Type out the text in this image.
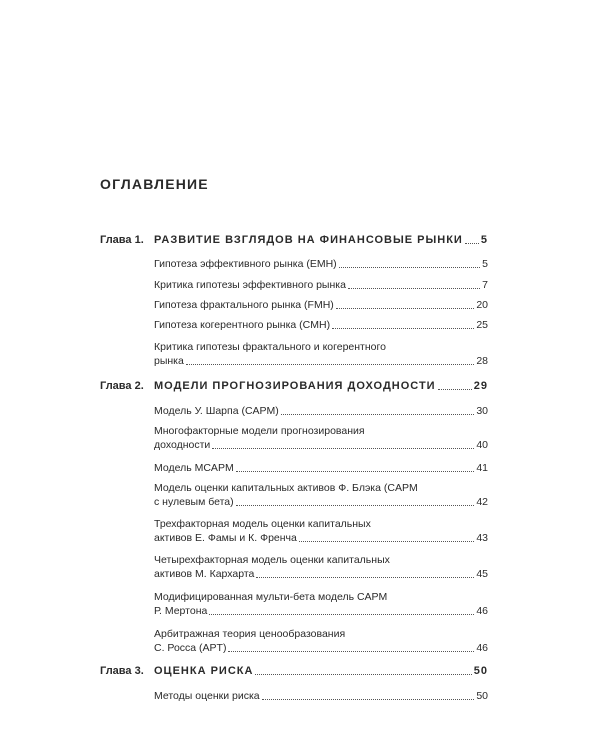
ОГЛАВЛЕНИЕ
Глава 1. РАЗВИТИЕ ВЗГЛЯДОВ НА ФИНАНСОВЫЕ РЫНКИ 5
Гипотеза эффективного рынка (EMH)	5
Критика гипотезы эффективного рынка	7
Гипотеза фрактального рынка (FMH)	20
Гипотеза когерентного рынка (CMH)	25
Критика гипотезы фрактального и когерентного
рынка	28
Глава 2. МОДЕЛИ ПРОГНОЗИРОВАНИЯ ДОХОДНОСТИ	29
Модель У. Шарпа (CAPM)	30
Многофакторные модели прогнозирования
доходности	40
Модель MCAPM	41
Модель оценки капитальных активов Ф. Блэка (CAPM
с нулевым бета)	42
Трехфакторная модель оценки капитальных
активов Е. Фамы и К. Френча	43
Четырехфакторная модель оценки капитальных
активов М. Кархарта	45
Модифицированная мульти-бета модель CAPM
Р. Мертона	46
Арбитражная теория ценообразования
С. Росса (APT)	46
Глава 3. ОЦЕНКА РИСКА	50
Методы оценки риска	50
